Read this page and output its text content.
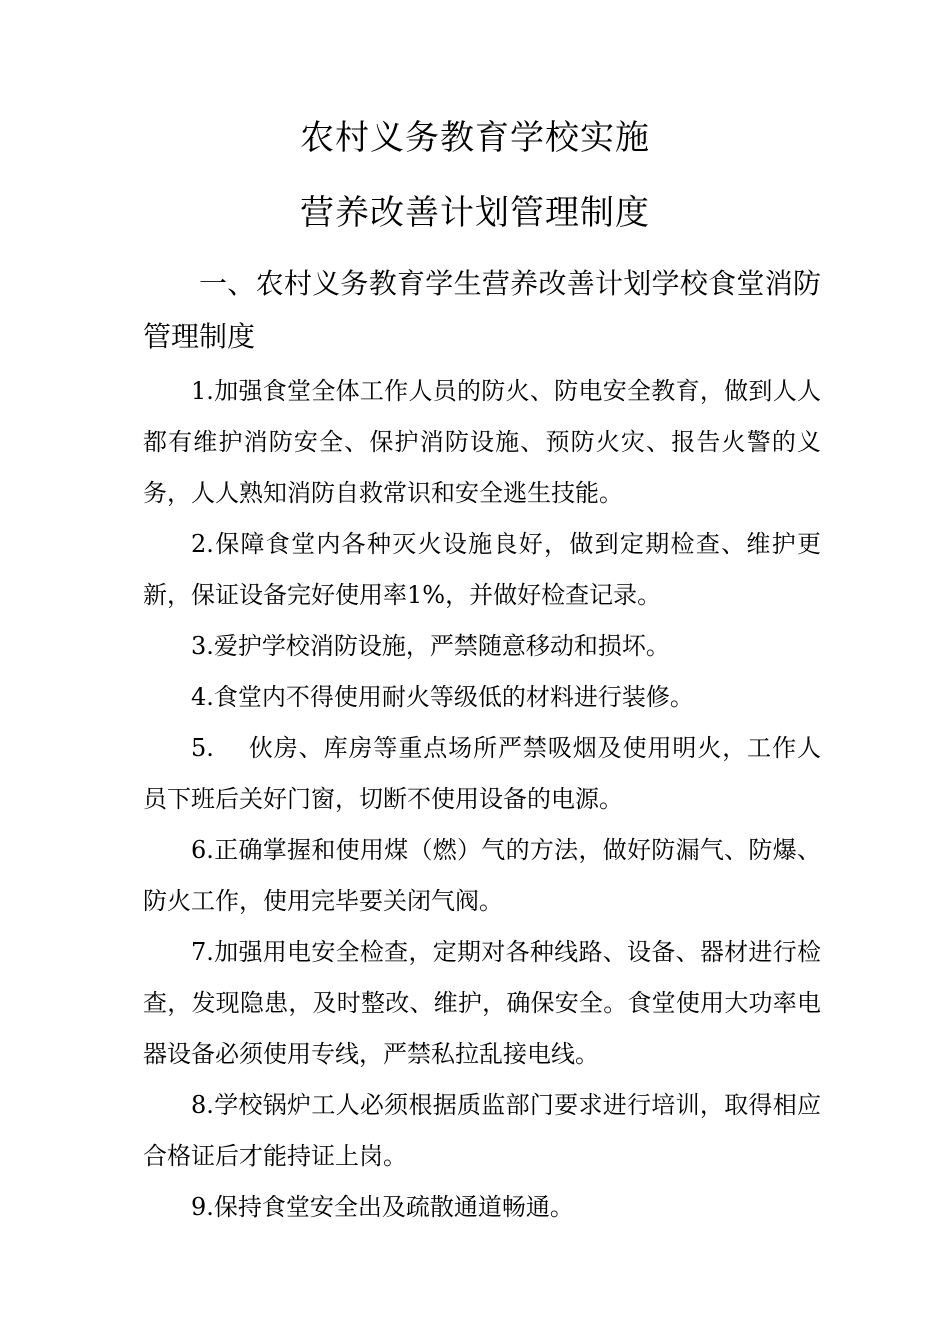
农村义务教育学校实施
营养改善计划管理制度
一、农村义务教育学生营养改善计划学校食堂消防管理制度

1.加强食堂全体工作人员的防火、防电安全教育，做到人人都有维护消防安全、保护消防设施、预防火灾、报告火警的义务，人人熟知消防自救常识和安全逃生技能。

2.保障食堂内各种灭火设施良好，做到定期检查、维护更新，保证设备完好使用率1%，并做好检查记录。

3.爱护学校消防设施，严禁随意移动和损坏。

4.食堂内不得使用耐火等级低的材料进行装修。

5. 伙房、库房等重点场所严禁吸烟及使用明火，工作人员下班后关好门窗，切断不使用设备的电源。

6.正确掌握和使用煤（燃）气的方法，做好防漏气、防爆、防火工作，使用完毕要关闭气阀。

7.加强用电安全检查，定期对各种线路、设备、器材进行检查，发现隐患，及时整改、维护，确保安全。食堂使用大功率电器设备必须使用专线，严禁私拉乱接电线。

8.学校锅炉工人必须根据质监部门要求进行培训，取得相应合格证后才能持证上岗。

9.保持食堂安全出及疏散通道畅通。
